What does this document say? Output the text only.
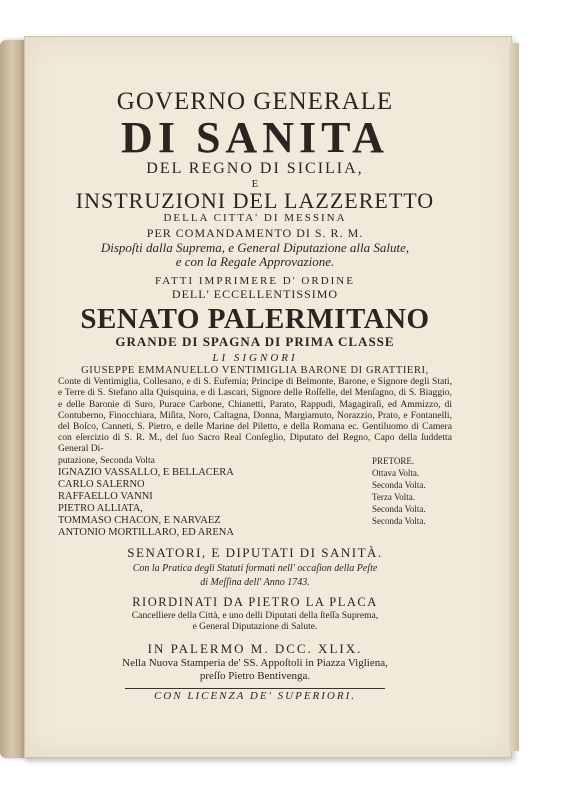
GOVERNO GENERALE
DI SANITA
DEL REGNO DI SICILIA,
E
INSTRUZIONI DEL LAZZERETTO
DELLA CITTA' DI MESSINA
PER COMANDAMENTO DI S. R. M.
Dispoſti dalla Suprema, e General Diputazione alla Salute,
e con la Regale Approvazione.
FATTI IMPRIMERE D' ORDINE
DELL' ECCELLENTISSIMO
SENATO PALERMITANO
GRANDE DI SPAGNA DI PRIMA CLASSE
LI SIGNORI
GIUSEPPE EMMANUELLO VENTIMIGLIA BARONE DI GRATTIERI,
Conte di Ventimiglia, Collesano, e di S. Eufemia; Principe di Belmonte, Barone, e Signore degli Stati, e Terre di S. Stefano alla Quisquina, e di Lascari, Signore delle Roſſelle, del Menſagno, di S. Biaggio, e delle Baronie di Suro, Purace Carbone, Chianetti, Parato, Rappudi, Magagiraſi, ed Ammizzo, di Contuberno, Finocchiara, Miſita, Noro, Caſtagna, Donna, Margiamuto, Norazzio, Prato, e Fontanelli, del Boſco, Canneti, S. Pietro, e delle Marine del Piletto, e della Romana ec. Gentiluomo di Camera con eſercizio di S. R. M., del ſuo Sacro Real Conſeglio, Diputato del Regno, Capo della ſuddetta General Di-
putazione, Seconda Volta	PRETORE.
IGNAZIO VASSALLO, E BELLACERA	Ottava Volta.
CARLO SALERNO	Seconda Volta.
RAFFAELLO VANNI	Terza Volta.
PIETRO ALLIATA,	Seconda Volta.
TOMMASO CHACON, E NARVAEZ	Seconda Volta.
ANTONIO MORTILLARO, ED ARENA
SENATORI, E DIPUTATI DI SANITÀ.
Con la Pratica degli Statuti formati nell' occaſion della Peſte
di Meſſina dell' Anno 1743.
RIORDINATI DA PIETRO LA PLACA
Cancelliere della Città, e uno delli Diputati della ſteſſa Suprema,
e General Diputazione di Salute.
IN PALERMO M. DCC. XLIX.
Nella Nuova Stamperia de' SS. Appoſtoli in Piazza Vigliena,
preſſo Pietro Bentivenga.
CON LICENZA DE' SUPERIORI.
